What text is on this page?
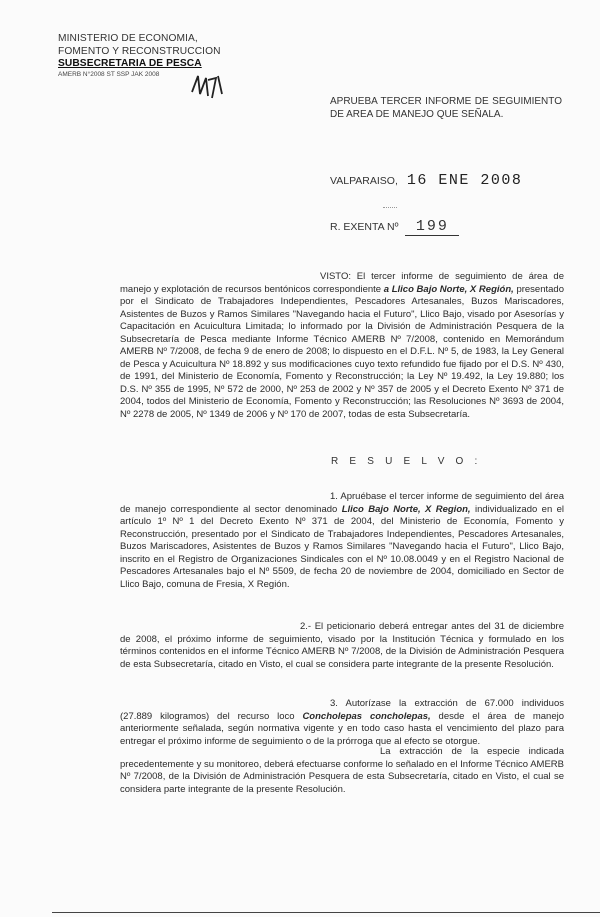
MINISTERIO DE ECONOMIA,
FOMENTO Y RECONSTRUCCION
SUBSECRETARIA DE PESCA
AMERB N°2008 ST SSP JAK 2008
APRUEBA TERCER INFORME DE SEGUIMIENTO DE AREA DE MANEJO QUE SEÑALA.
VALPARAISO, 16 ENE 2008
R. EXENTA Nº 199
VISTO: El tercer informe de seguimiento de área de manejo y explotación de recursos bentónicos correspondiente a Llico Bajo Norte, X Región, presentado por el Sindicato de Trabajadores Independientes, Pescadores Artesanales, Buzos Mariscadores, Asistentes de Buzos y Ramos Similares "Navegando hacia el Futuro", Llico Bajo, visado por Asesorías y Capacitación en Acuicultura Limitada; lo informado por la División de Administración Pesquera de la Subsecretaría de Pesca mediante Informe Técnico AMERB Nº 7/2008, contenido en Memorándum AMERB Nº 7/2008, de fecha 9 de enero de 2008; lo dispuesto en el D.F.L. Nº 5, de 1983, la Ley General de Pesca y Acuicultura Nº 18.892 y sus modificaciones cuyo texto refundido fue fijado por el D.S. Nº 430, de 1991, del Ministerio de Economía, Fomento y Reconstrucción; la Ley Nº 19.492, la Ley 19.880; los D.S. Nº 355 de 1995, Nº 572 de 2000, Nº 253 de 2002 y Nº 357 de 2005 y el Decreto Exento Nº 371 de 2004, todos del Ministerio de Economía, Fomento y Reconstrucción; las Resoluciones Nº 3693 de 2004, Nº 2278 de 2005, Nº 1349 de 2006 y Nº 170 de 2007, todas de esta Subsecretaría.
R E S U E L V O :
1. Apruébase el tercer informe de seguimiento del área de manejo correspondiente al sector denominado Llico Bajo Norte, X Region, individualizado en el artículo 1º Nº 1 del Decreto Exento Nº 371 de 2004, del Ministerio de Economía, Fomento y Reconstrucción, presentado por el Sindicato de Trabajadores Independientes, Pescadores Artesanales, Buzos Mariscadores, Asistentes de Buzos y Ramos Similares "Navegando hacia el Futuro", Llico Bajo, inscrito en el Registro de Organizaciones Sindicales con el Nº 10.08.0049 y en el Registro Nacional de Pescadores Artesanales bajo el Nº 5509, de fecha 20 de noviembre de 2004, domiciliado en Sector de Llico Bajo, comuna de Fresia, X Región.
2.- El peticionario deberá entregar antes del 31 de diciembre de 2008, el próximo informe de seguimiento, visado por la Institución Técnica y formulado en los términos contenidos en el informe Técnico AMERB Nº 7/2008, de la División de Administración Pesquera de esta Subsecretaría, citado en Visto, el cual se considera parte integrante de la presente Resolución.
3. Autorízase la extracción de 67.000 individuos (27.889 kilogramos) del recurso loco Concholepas concholepas, desde el área de manejo anteriormente señalada, según normativa vigente y en todo caso hasta el vencimiento del plazo para entregar el próximo informe de seguimiento o de la prórroga que al efecto se otorgue.
La extracción de la especie indicada precedentemente y su monitoreo, deberá efectuarse conforme lo señalado en el Informe Técnico AMERB Nº 7/2008, de la División de Administración Pesquera de esta Subsecretaría, citado en Visto, el cual se considera parte integrante de la presente Resolución.
